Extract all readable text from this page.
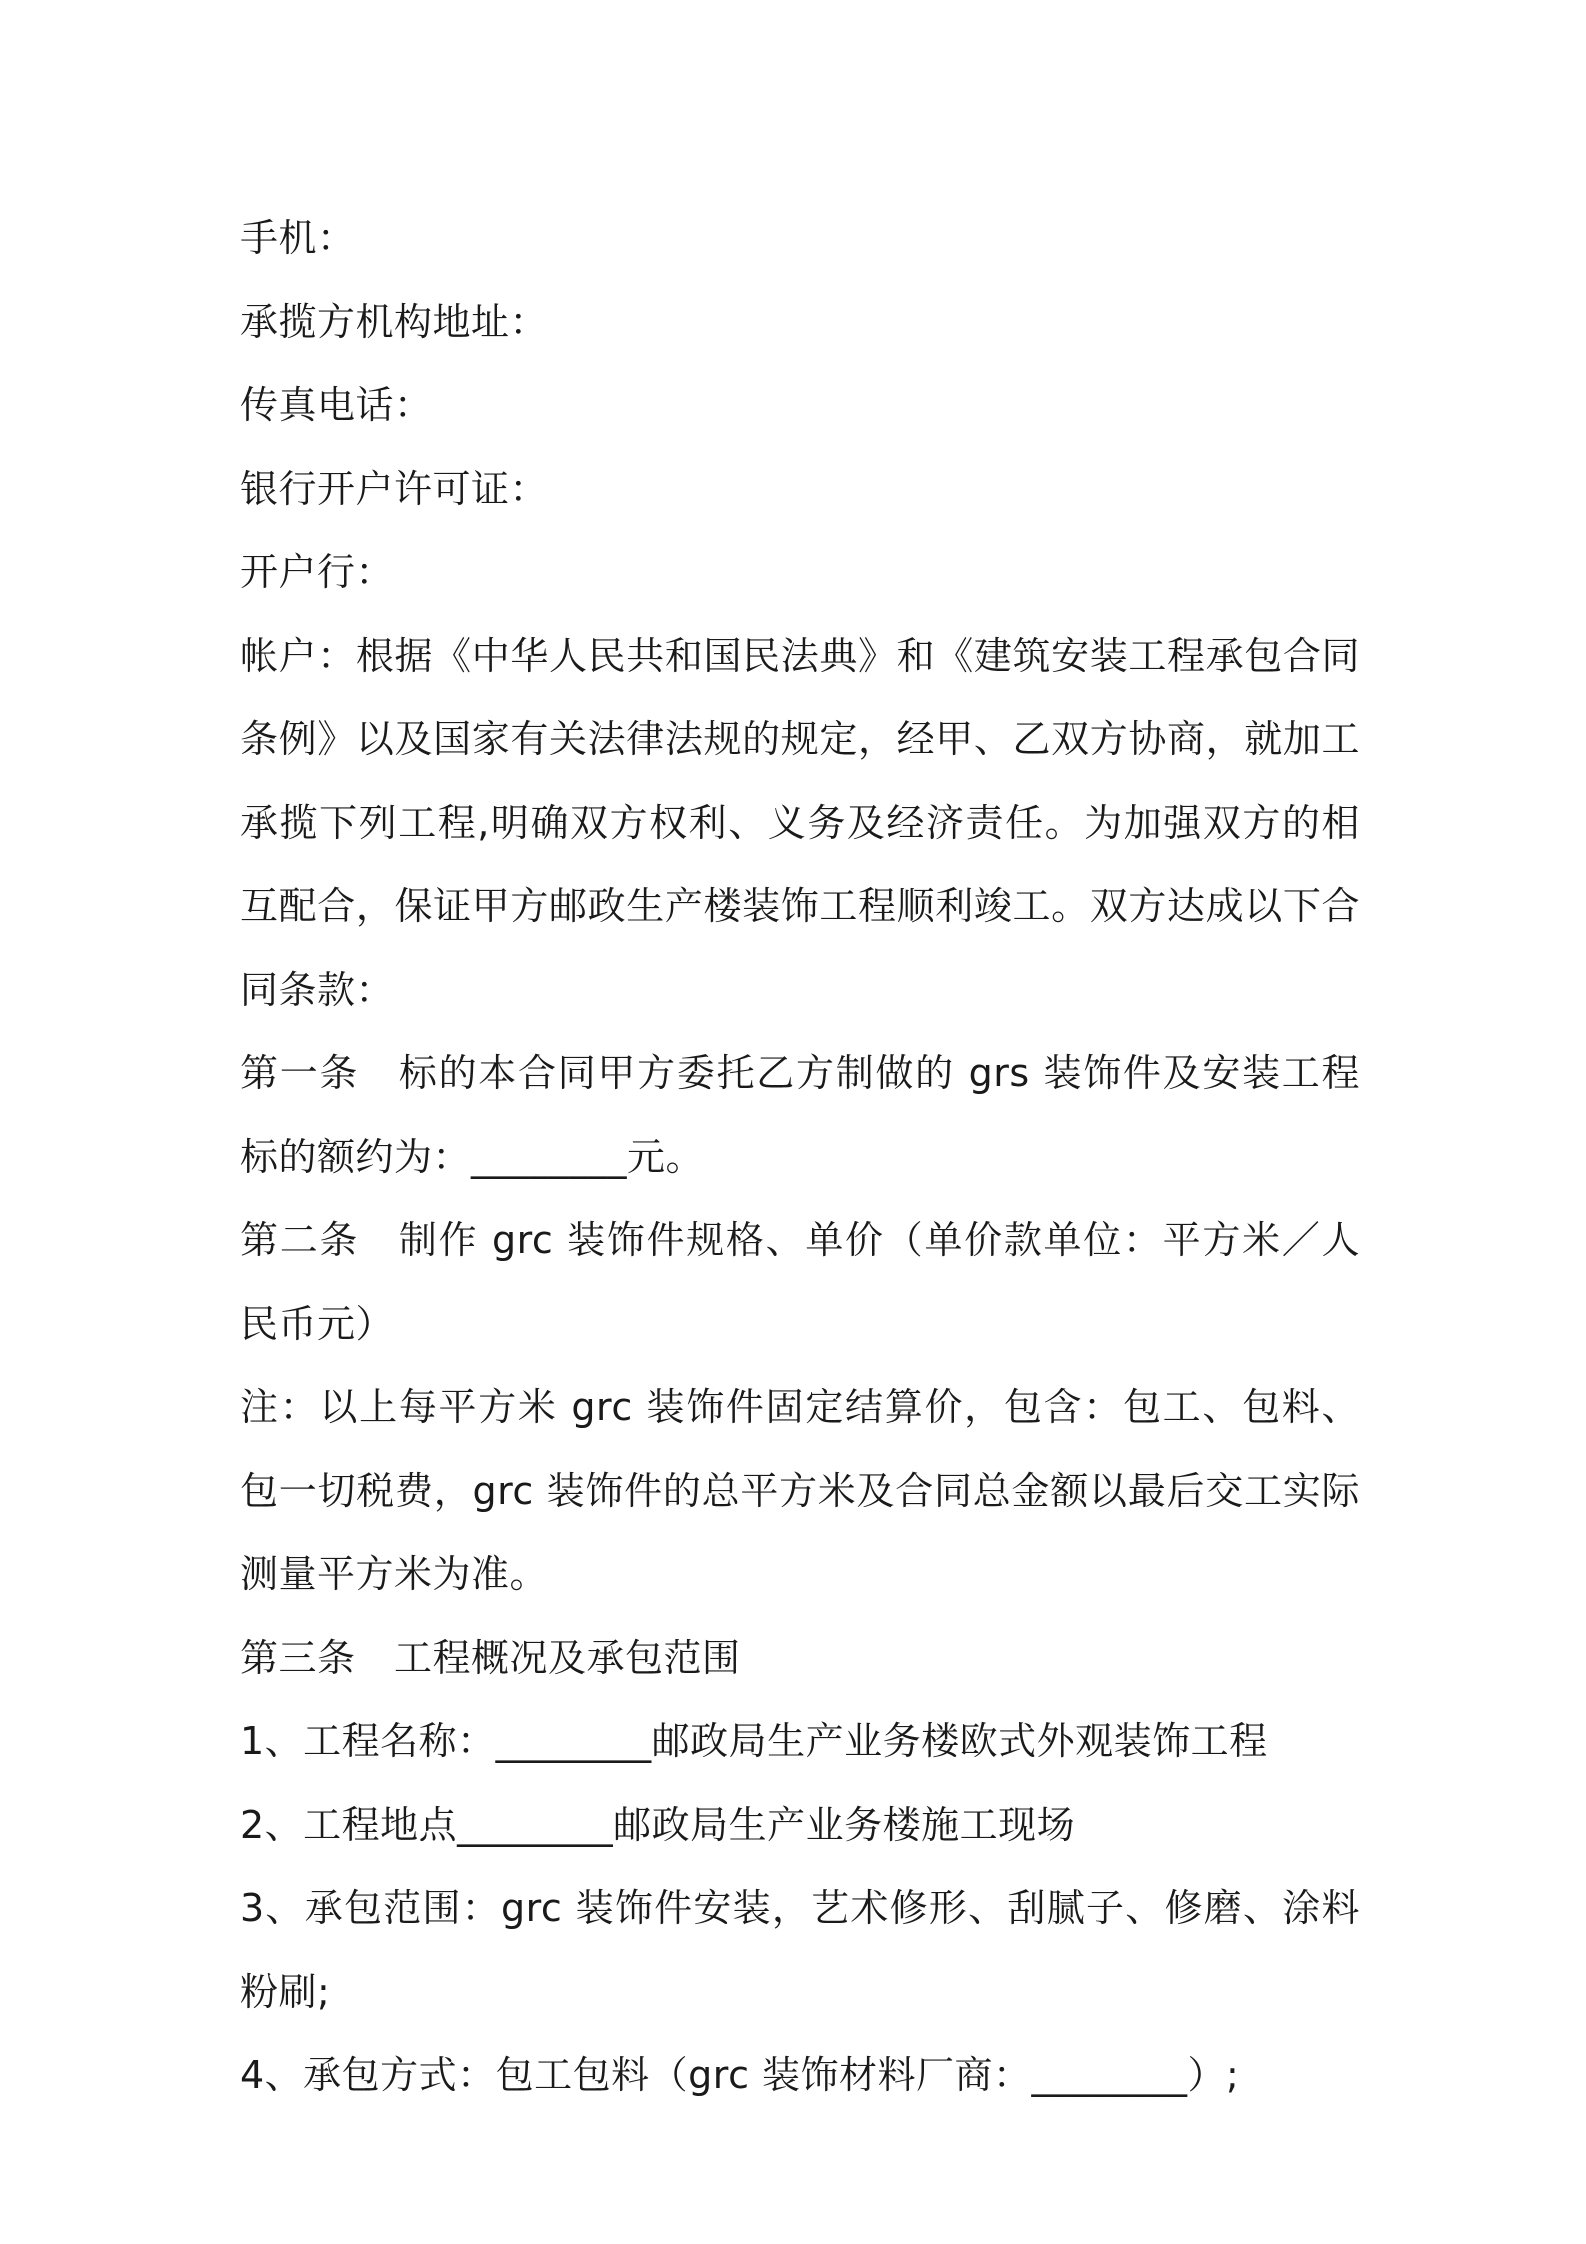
手机：

承揽方机构地址：

传真电话：

银行开户许可证：

开户行：

帐户：根据《中华人民共和国民法典》和《建筑安装工程承包合同条例》以及国家有关法律法规的规定，经甲、乙双方协商，就加工承揽下列工程,明确双方权利、义务及经济责任。为加强双方的相互配合，保证甲方邮政生产楼装饰工程顺利竣工。双方达成以下合同条款：

第一条　标的本合同甲方委托乙方制做的 grs 装饰件及安装工程标的额约为：________元。

第二条　制作 grc 装饰件规格、单价（单价款单位：平方米／人民币元）

注：以上每平方米 grc 装饰件固定结算价，包含：包工、包料、包一切税费，grc 装饰件的总平方米及合同总金额以最后交工实际测量平方米为准。

第三条　工程概况及承包范围

1、工程名称：________邮政局生产业务楼欧式外观装饰工程

2、工程地点________邮政局生产业务楼施工现场

3、承包范围：grc 装饰件安装，艺术修形、刮腻子、修磨、涂料粉刷;

4、承包方式：包工包料（grc 装饰材料厂商：________）;
